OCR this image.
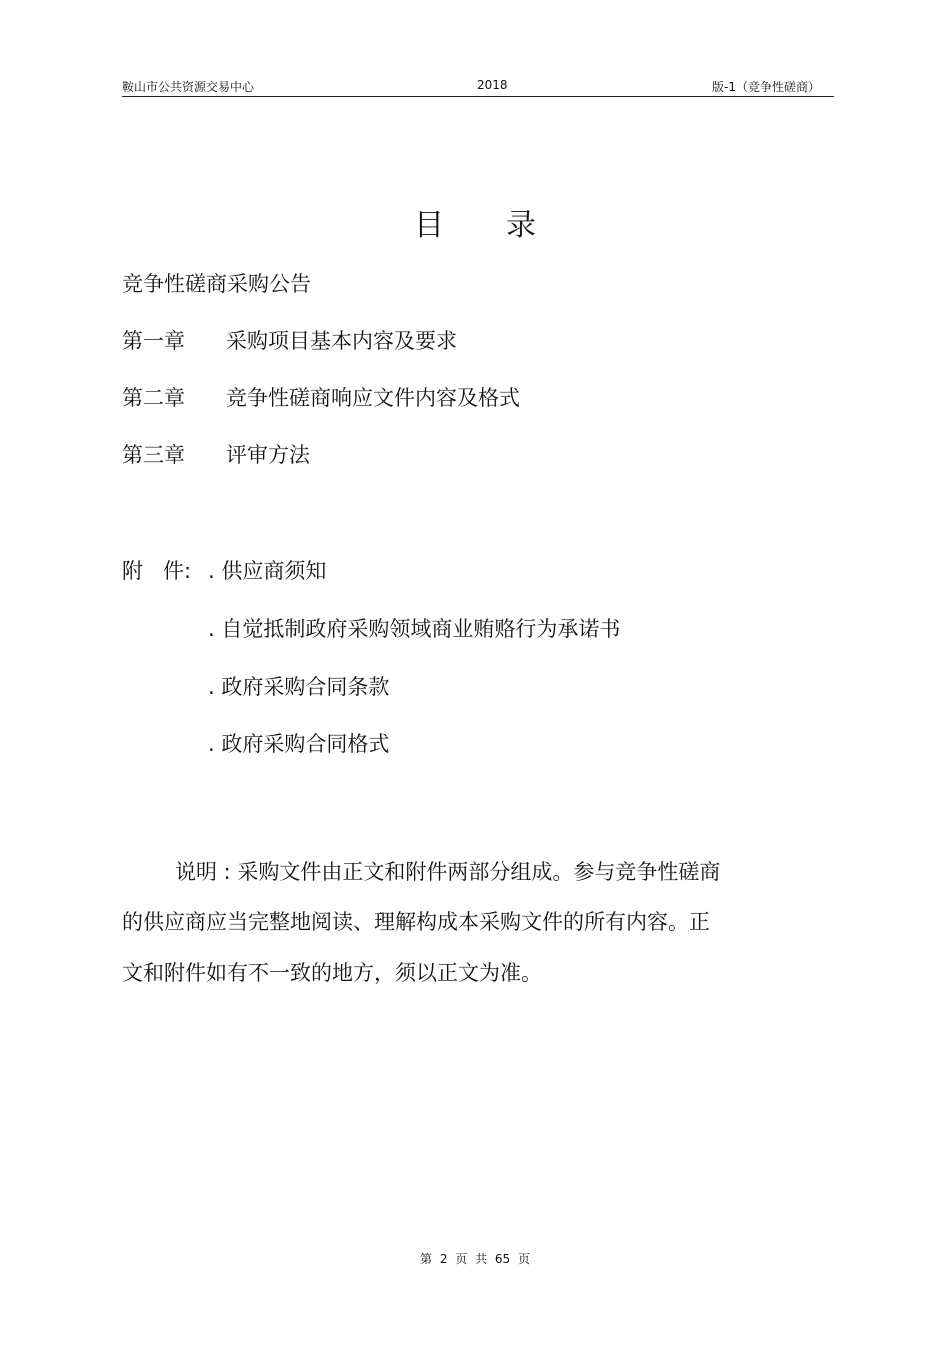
鞍山市公共资源交易中心	2018	版-1（竞争性磋商）
目 录
竞争性磋商采购公告
第一章 采购项目基本内容及要求
第二章 竞争性磋商响应文件内容及格式
第三章 评审方法
附   件: . 供应商须知
. 自觉抵制政府采购领域商业贿赂行为承诺书
. 政府采购合同条款
. 政府采购合同格式
说明 : 采购文件由正文和附件两部分组成。参与竞争性磋商
的供应商应当完整地阅读、理解构成本采购文件的所有内容。正
文和附件如有不一致的地方，须以正文为准。
第 2 页 共 65 页
